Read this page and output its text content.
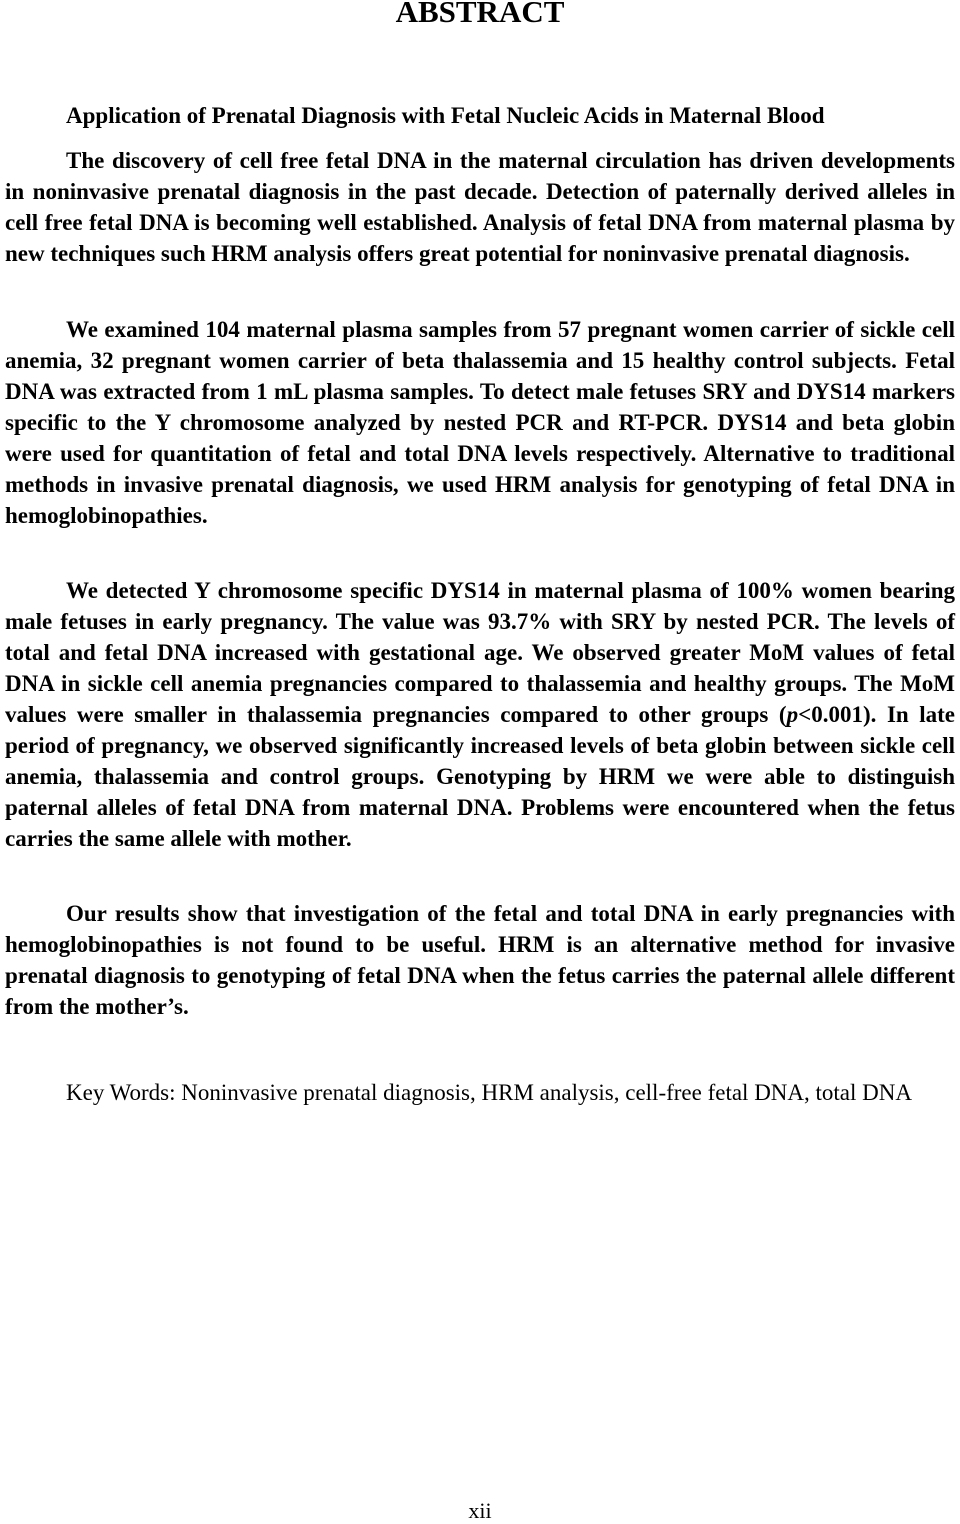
ABSTRACT
Application of Prenatal Diagnosis with Fetal Nucleic Acids in Maternal Blood

The discovery of cell free fetal DNA in the maternal circulation has driven developments in noninvasive prenatal diagnosis in the past decade. Detection of paternally derived alleles in cell free fetal DNA is becoming well established. Analysis of fetal DNA from maternal plasma by new techniques such HRM analysis offers great potential for noninvasive prenatal diagnosis.

We examined 104 maternal plasma samples from 57 pregnant women carrier of sickle cell anemia, 32 pregnant women carrier of beta thalassemia and 15 healthy control subjects. Fetal DNA was extracted from 1 mL plasma samples. To detect male fetuses SRY and DYS14 markers specific to the Y chromosome analyzed by nested PCR and RT-PCR. DYS14 and beta globin were used for quantitation of fetal and total DNA levels respectively. Alternative to traditional methods in invasive prenatal diagnosis, we used HRM analysis for genotyping of fetal DNA in hemoglobinopathies.

We detected Y chromosome specific DYS14 in maternal plasma of 100% women bearing male fetuses in early pregnancy. The value was 93.7% with SRY by nested PCR. The levels of total and fetal DNA increased with gestational age. We observed greater MoM values of fetal DNA in sickle cell anemia pregnancies compared to thalassemia and healthy groups. The MoM values were smaller in thalassemia pregnancies compared to other groups (p<0.001). In late period of pregnancy, we observed significantly increased levels of beta globin between sickle cell anemia, thalassemia and control groups. Genotyping by HRM we were able to distinguish paternal alleles of fetal DNA from maternal DNA. Problems were encountered when the fetus carries the same allele with mother.

Our results show that investigation of the fetal and total DNA in early pregnancies with hemoglobinopathies is not found to be useful. HRM is an alternative method for invasive prenatal diagnosis to genotyping of fetal DNA when the fetus carries the paternal allele different from the mother’s.

Key Words: Noninvasive prenatal diagnosis, HRM analysis, cell-free fetal DNA, total DNA

xii
